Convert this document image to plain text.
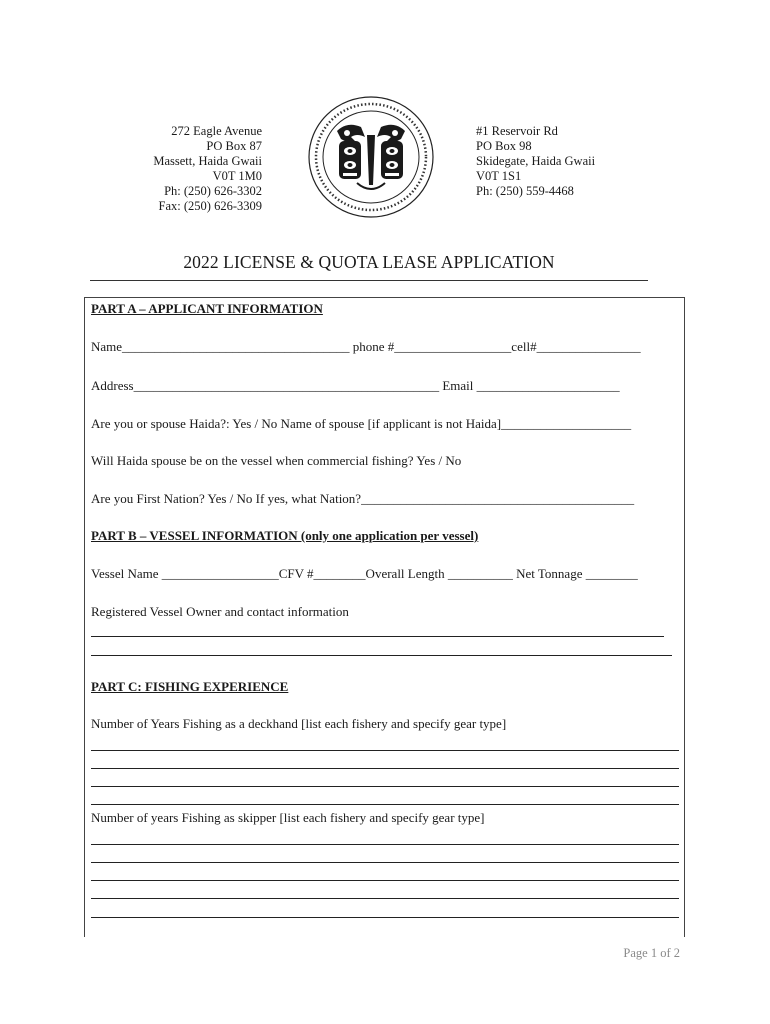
272 Eagle Avenue
PO Box 87
Massett, Haida Gwaii
V0T 1M0
Ph: (250) 626-3302
Fax: (250) 626-3309
#1 Reservoir Rd
PO Box 98
Skidegate, Haida Gwaii
V0T 1S1
Ph: (250) 559-4468
2022 LICENSE & QUOTA LEASE APPLICATION
PART A – APPLICANT INFORMATION
Name___________________________________ phone #__________________cell#________________
Address_______________________________________________ Email ______________________
Are you or spouse Haida?: Yes / No Name of spouse [if applicant is not Haida]____________________
Will Haida spouse be on the vessel when commercial fishing? Yes / No
Are you First Nation? Yes / No If yes, what Nation?__________________________________________
PART B – VESSEL INFORMATION (only one application per vessel)
Vessel Name __________________CFV #________Overall Length __________ Net Tonnage ________
Registered Vessel Owner and contact information
PART C: FISHING EXPERIENCE
Number of Years Fishing as a deckhand [list each fishery and specify gear type]
Number of years Fishing as skipper [list each fishery and specify gear type]
Page 1 of 2
